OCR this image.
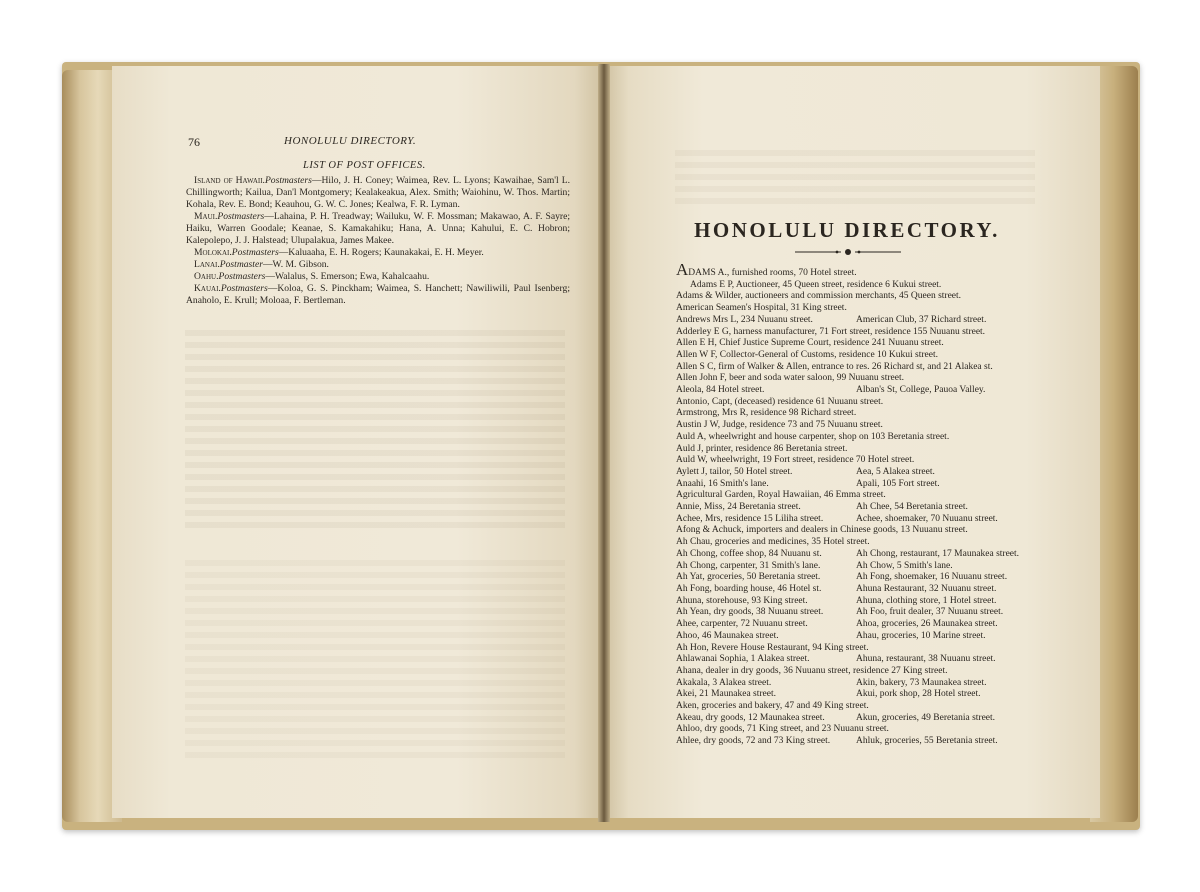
76	HONOLULU DIRECTORY.
LIST OF POST OFFICES.

Island of Hawaii.Postmasters—Hilo, J. H. Coney; Waimea, Rev. L. Lyons; Kawaihae, Sam'l L. Chillingworth; Kailua, Dan'l Montgomery; Kealakeakua, Alex. Smith; Waiohinu, W. Thos. Martin; Kohala, Rev. E. Bond; Keauhou, G. W. C. Jones; Kealwa, F. R. Lyman.

Maui.Postmasters—Lahaina, P. H. Treadway; Wailuku, W. F. Mossman; Makawao, A. F. Sayre; Haiku, Warren Goodale; Keanae, S. Kamakahiku; Hana, A. Unna; Kahului, E. C. Hobron; Kalepolepo, J. J. Halstead; Ulupalakua, James Makee.

Molokai.Postmasters—Kaluaaha, E. H. Rogers; Kaunakakai, E. H. Meyer.

Lanai.Postmaster—W. M. Gibson.

Oahu.Postmasters—Walalus, S. Emerson; Ewa, Kahalcaahu.

Kauai.Postmasters—Koloa, G. S. Pinckham; Waimea, S. Hanchett; Nawiliwili, Paul Isenberg; Anaholo, E. Krull; Moloaa, F. Bertleman.

HONOLULU DIRECTORY.
ADAMS A., furnished rooms, 70 Hotel street.
Adams E P, Auctioneer, 45 Queen street, residence 6 Kukui street.
Adams & Wilder, auctioneers and commission merchants, 45 Queen street.
American Seamen's Hospital, 31 King street.
Andrews Mrs L, 234 Nuuanu street.	American Club, 37 Richard street.
Adderley E G, harness manufacturer, 71 Fort street, residence 155 Nuuanu street.
Allen E H, Chief Justice Supreme Court, residence 241 Nuuanu street.
Allen W F, Collector-General of Customs, residence 10 Kukui street.
Allen S C, firm of Walker & Allen, entrance to res. 26 Richard st, and 21 Alakea st.
Allen John F, beer and soda water saloon, 99 Nuuanu street.
Aleola, 84 Hotel street.	Alban's St, College, Pauoa Valley.
Antonio, Capt, (deceased) residence 61 Nuuanu street.
Armstrong, Mrs R, residence 98 Richard street.
Austin J W, Judge, residence 73 and 75 Nuuanu street.
Auld A, wheelwright and house carpenter, shop on 103 Beretania street.
Auld J, printer, residence 86 Beretania street.
Auld W, wheelwright, 19 Fort street, residence 70 Hotel street.
Aylett J, tailor, 50 Hotel street.	Aea, 5 Alakea street.
Anaahi, 16 Smith's lane.	Apali, 105 Fort street.
Agricultural Garden, Royal Hawaiian, 46 Emma street.
Annie, Miss, 24 Beretania street.	Ah Chee, 54 Beretania street.
Achee, Mrs, residence 15 Liliha street.	Achee, shoemaker, 70 Nuuanu street.
Afong & Achuck, importers and dealers in Chinese goods, 13 Nuuanu street.
Ah Chau, groceries and medicines, 35 Hotel street.
Ah Chong, coffee shop, 84 Nuuanu st.	Ah Chong, restaurant, 17 Maunakea street.
Ah Chong, carpenter, 31 Smith's lane.	Ah Chow, 5 Smith's lane.
Ah Yat, groceries, 50 Beretania street.	Ah Fong, shoemaker, 16 Nuuanu street.
Ah Fong, boarding house, 46 Hotel st.	Ahuna Restaurant, 32 Nuuanu street.
Ahuna, storehouse, 93 King street.	Ahuna, clothing store, 1 Hotel street.
Ah Yean, dry goods, 38 Nuuanu street.	Ah Foo, fruit dealer, 37 Nuuanu street.
Ahee, carpenter, 72 Nuuanu street.	Ahoa, groceries, 26 Maunakea street.
Ahoo, 46 Maunakea street.	Ahau, groceries, 10 Marine street.
Ah Hon, Revere House Restaurant, 94 King street.
Ahlawanai Sophia, 1 Alakea street.	Ahuna, restaurant, 38 Nuuanu street.
Ahana, dealer in dry goods, 36 Nuuanu street, residence 27 King street.
Akakala, 3 Alakea street.	Akin, bakery, 73 Maunakea street.
Akei, 21 Maunakea street.	Akui, pork shop, 28 Hotel street.
Aken, groceries and bakery, 47 and 49 King street.
Akeau, dry goods, 12 Maunakea street.	Akun, groceries, 49 Beretania street.
Ahloo, dry goods, 71 King street, and 23 Nuuanu street.
Ahlee, dry goods, 72 and 73 King street.	Ahluk, groceries, 55 Beretania street.
